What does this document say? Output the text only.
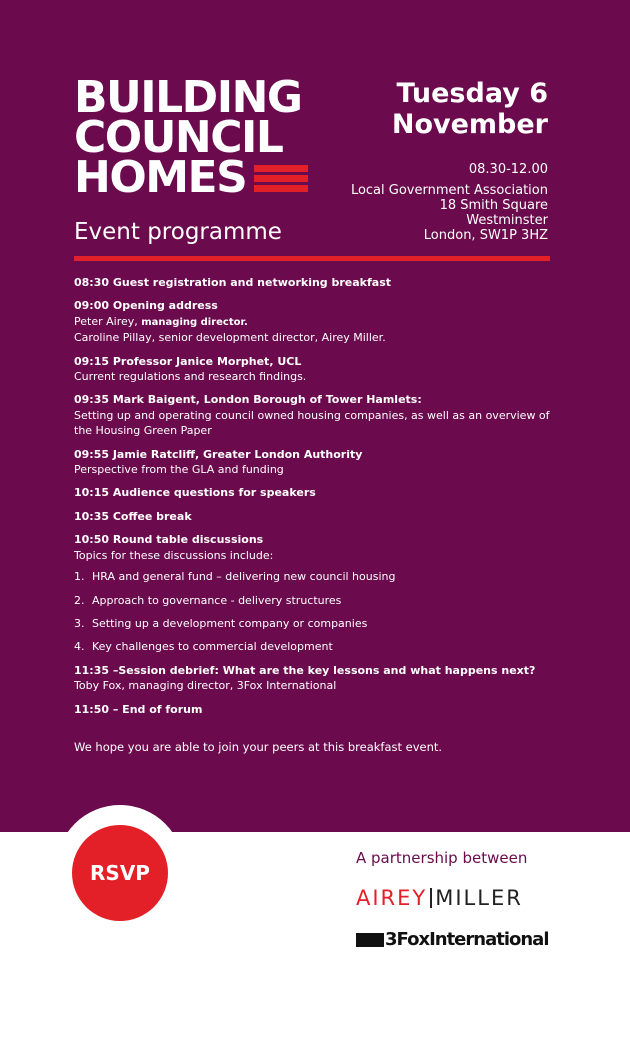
BUILDING
COUNCIL
HOMES
Event programme
Tuesday 6
November
08.30-12.00
Local Government Association
18 Smith Square
Westminster
London, SW1P 3HZ
08:30 Guest registration and networking breakfast
09:00 Opening address
Peter Airey, managing director.
Caroline Pillay, senior development director, Airey Miller.
09:15 Professor Janice Morphet, UCL
Current regulations and research findings.
09:35 Mark Baigent, London Borough of Tower Hamlets:
Setting up and operating council owned housing companies, as well as an overview of the Housing Green Paper
09:55 Jamie Ratcliff, Greater London Authority
Perspective from the GLA and funding
10:15 Audience questions for speakers
10:35 Coffee break
10:50 Round table discussions
Topics for these discussions include:
1. HRA and general fund – delivering new council housing
2. Approach to governance - delivery structures
3. Setting up a development company or companies
4. Key challenges to commercial development
11:35 –Session debrief: What are the key lessons and what happens next?
Toby Fox, managing director, 3Fox International
11:50 – End of forum
We hope you are able to join your peers at this breakfast event.
RSVP
A partnership between
AIREY MILLER
3FoxInternational
